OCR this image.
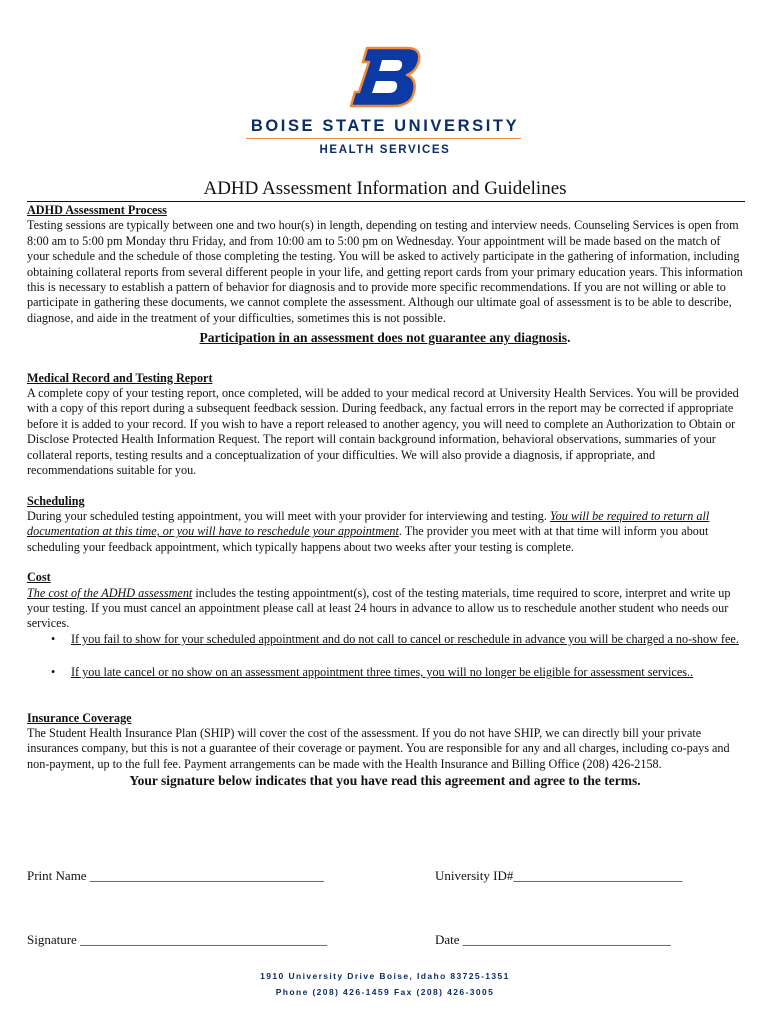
BOISE STATE UNIVERSITY
HEALTH SERVICES
ADHD Assessment Information and Guidelines
ADHD Assessment Process

Testing sessions are typically between one and two hour(s) in length, depending on testing and interview needs. Counseling Services is open from 8:00 am to 5:00 pm Monday thru Friday, and from 10:00 am to 5:00 pm on Wednesday. Your appointment will be made based on the match of your schedule and the schedule of those completing the testing. You will be asked to actively participate in the gathering of information, including obtaining collateral reports from several different people in your life, and getting report cards from your primary education years. This information this is necessary to establish a pattern of behavior for diagnosis and to provide more specific recommendations. If you are not willing or able to participate in gathering these documents, we cannot complete the assessment. Although our ultimate goal of assessment is to be able to describe, diagnose, and aide in the treatment of your difficulties, sometimes this is not possible.

Participation in an assessment does not guarantee any diagnosis.

Medical Record and Testing Report

A complete copy of your testing report, once completed, will be added to your medical record at University Health Services. You will be provided with a copy of this report during a subsequent feedback session. During feedback, any factual errors in the report may be corrected if appropriate before it is added to your record. If you wish to have a report released to another agency, you will need to complete an Authorization to Obtain or Disclose Protected Health Information Request. The report will contain background information, behavioral observations, summaries of your collateral reports, testing results and a conceptualization of your difficulties. We will also provide a diagnosis, if appropriate, and recommendations suitable for you.

Scheduling

During your scheduled testing appointment, you will meet with your provider for interviewing and testing. You will be required to return all documentation at this time, or you will have to reschedule your appointment. The provider you meet with at that time will inform you about scheduling your feedback appointment, which typically happens about two weeks after your testing is complete.

Cost

The cost of the ADHD assessment includes the testing appointment(s), cost of the testing materials, time required to score, interpret and write up your testing. If you must cancel an appointment please call at least 24 hours in advance to allow us to reschedule another student who needs our services.

• If you fail to show for your scheduled appointment and do not call to cancel or reschedule in advance you will be charged a no-show fee.
• If you late cancel or no show on an assessment appointment three times, you will no longer be eligible for assessment services..
Insurance Coverage

The Student Health Insurance Plan (SHIP) will cover the cost of the assessment. If you do not have SHIP, we can directly bill your private insurances company, but this is not a guarantee of their coverage or payment. You are responsible for any and all charges, including co-pays and non-payment, up to the full fee. Payment arrangements can be made with the Health Insurance and Billing Office (208) 426-2158.

Your signature below indicates that you have read this agreement and agree to the terms.

Print Name ____________________________________	University ID#__________________________
Signature ______________________________________	Date ________________________________
1910 University Drive Boise, Idaho 83725-1351
Phone (208) 426-1459 Fax (208) 426-3005
